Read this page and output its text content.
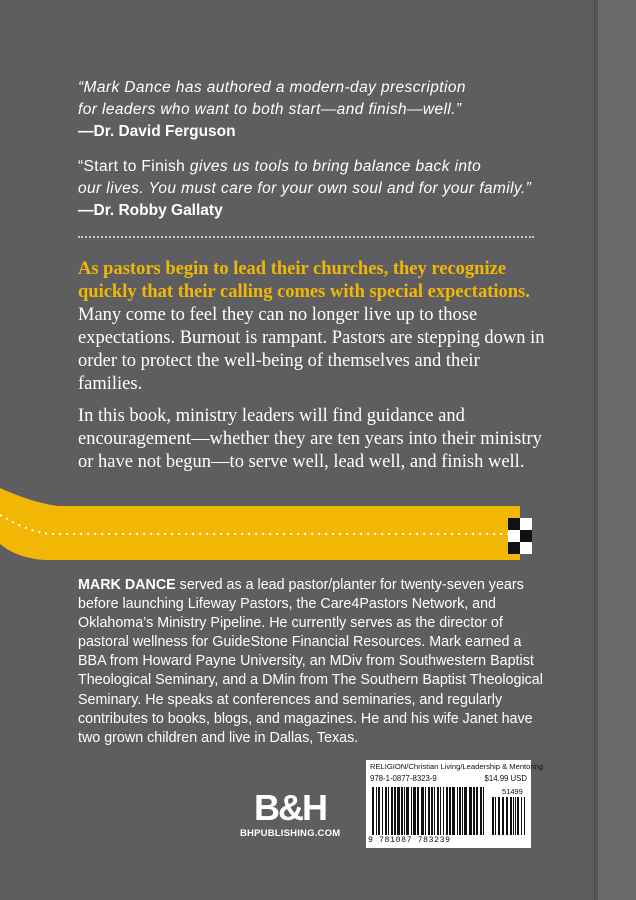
“Mark Dance has authored a modern-day prescription
for leaders who want to both start—and finish—well.”
—Dr. David Ferguson
“Start to Finish gives us tools to bring balance back into
our lives. You must care for your own soul and for your family.”
—Dr. Robby Gallaty
As pastors begin to lead their churches, they recognize quickly that their calling comes with special expectations. Many come to feel they can no longer live up to those expectations. Burnout is rampant. Pastors are stepping down in order to protect the well-being of themselves and their families.
In this book, ministry leaders will find guidance and encouragement—whether they are ten years into their ministry or have not begun—to serve well, lead well, and finish well.
MARK DANCE served as a lead pastor/planter for twenty-seven years before launching Lifeway Pastors, the Care4Pastors Network, and Oklahoma’s Ministry Pipeline. He currently serves as the director of pastoral wellness for GuideStone Financial Resources. Mark earned a BBA from Howard Payne University, an MDiv from Southwestern Baptist Theological Seminary, and a DMin from The Southern Baptist Theological Seminary. He speaks at conferences and seminaries, and regularly contributes to books, blogs, and magazines. He and his wife Janet have two grown children and live in Dallas, Texas.
B&H
BHPUBLISHING.COM
RELIGION/Christian Living/Leadership & Mentoring
978-1-0877-8323-9	$14.99 USD
51499
9 781087 783239
